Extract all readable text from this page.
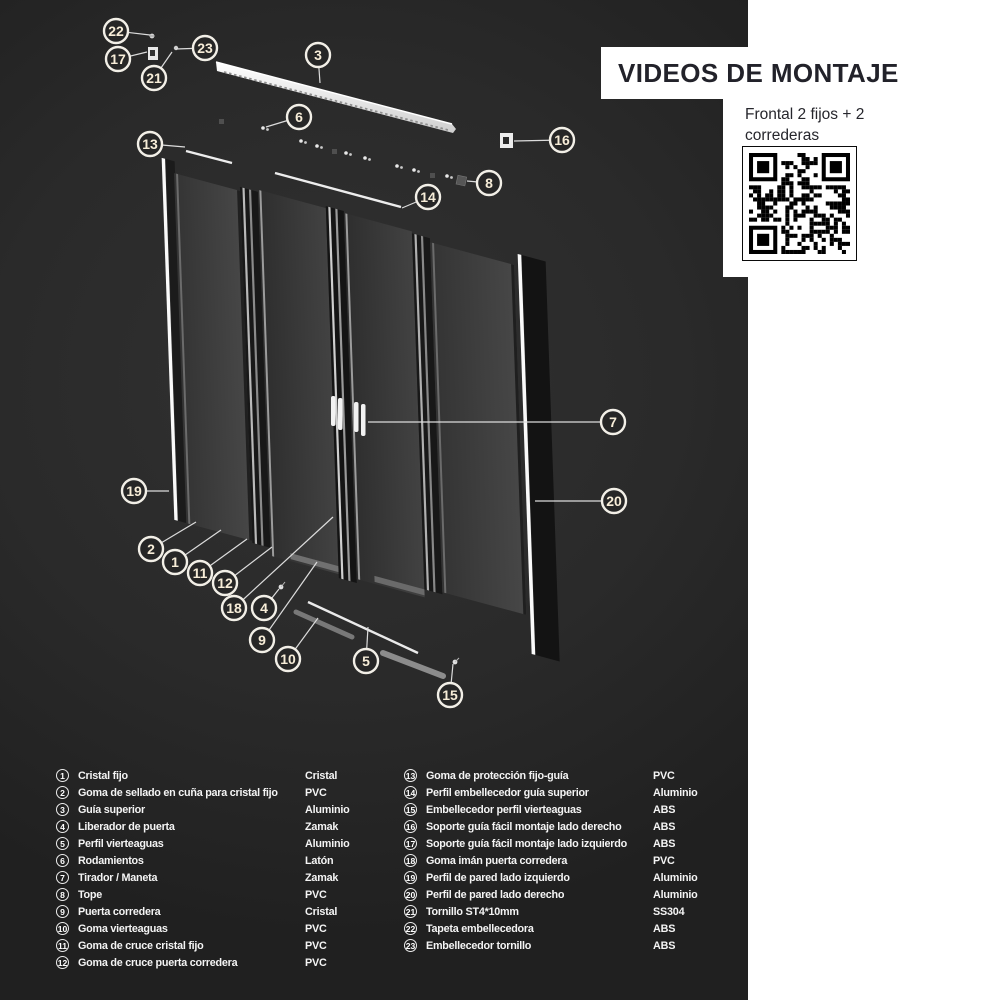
22
17
23
21
3
6
16
13
8
14
7
19
20
2
1
11
12
18 4
9
10	5
15
VIDEOS DE MONTAJE
Frontal 2 fijos + 2 correderas
1	Cristal fijo	Cristal
2	Goma de sellado en cuña para cristal fijo	PVC
3	Guía superior	Aluminio
4	Liberador de puerta	Zamak
5	Perfil vierteaguas	Aluminio
6	Rodamientos	Latón
7	Tirador / Maneta	Zamak
8	Tope	PVC
9	Puerta corredera	Cristal
10 Goma vierteaguas	PVC
11 Goma de cruce cristal fijo	PVC
12 Goma de cruce puerta corredera	PVC
13 Goma de protección fijo-guía	PVC
14 Perfil embellecedor guía superior	Aluminio
15 Embellecedor perfil vierteaguas	ABS
16 Soporte guía fácil montaje lado derecho	ABS
17 Soporte guía fácil montaje lado izquierdo ABS
18 Goma imán puerta corredera	PVC
19 Perfil de pared lado izquierdo	Aluminio
20 Perfil de pared lado derecho	Aluminio
21 Tornillo ST4*10mm	SS304
22 Tapeta embellecedora	ABS
23 Embellecedor tornillo	ABS
